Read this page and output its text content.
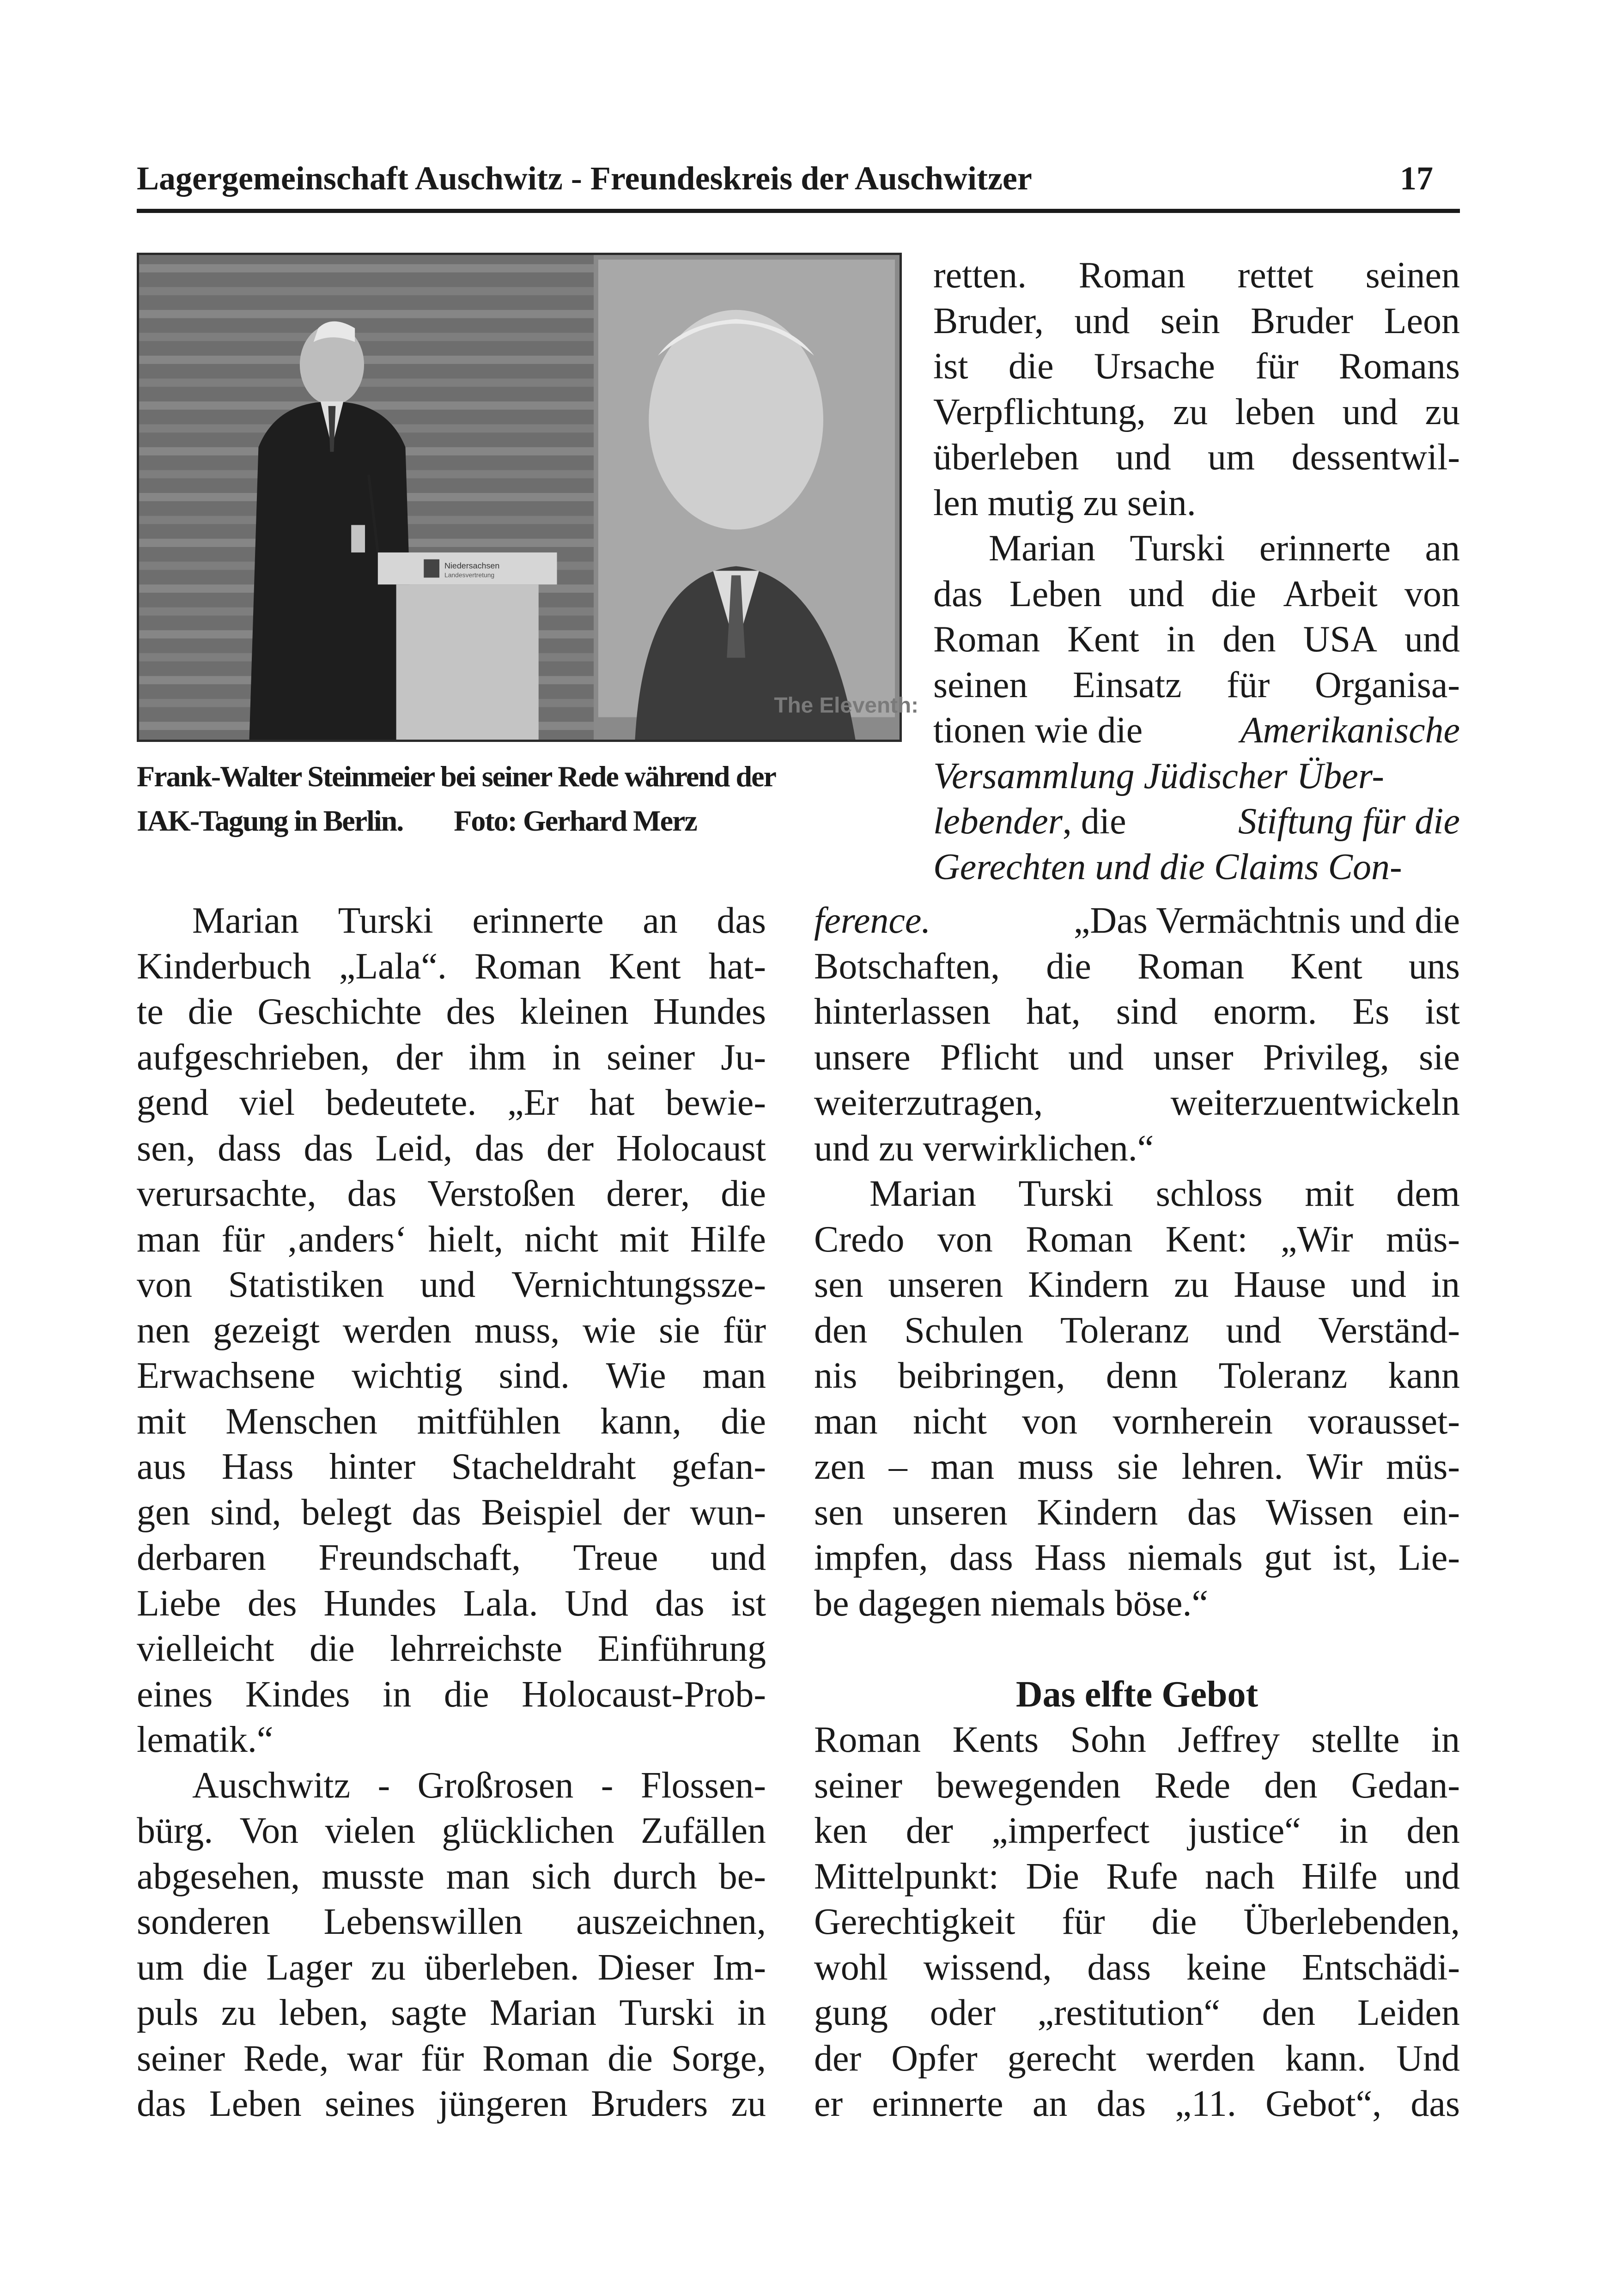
Lagergemeinschaft Auschwitz - Freundeskreis der Auschwitzer	17
Niedersachsen
Landesvertretung
The Eleventh:
Frank-Walter Steinmeier bei seiner Rede während der
IAK-Tagung in Berlin. Foto: Gerhard Merz
retten. Roman rettet seinen
Bruder, und sein Bruder Leon
ist die Ursache für Romans
Verpflichtung, zu leben und zu
überleben und um dessentwil-
len mutig zu sein.
Marian Turski erinnerte an
das Leben und die Arbeit von
Roman Kent in den USA und
seinen Einsatz für Organisa-
tionen wie die	Amerikanische
Versammlung Jüdischer Über-
lebender, die	Stiftung für die
Gerechten und die Claims Con-
Marian Turski erinnerte an das
Kinderbuch „Lala“. Roman Kent hat-
te die Geschichte des kleinen Hundes
aufgeschrieben, der ihm in seiner Ju-
gend viel bedeutete. „Er hat bewie-
sen, dass das Leid, das der Holocaust
verursachte, das Verstoßen derer, die
man für ‚anders‘ hielt, nicht mit Hilfe
von Statistiken und Vernichtungssze-
nen gezeigt werden muss, wie sie für
Erwachsene wichtig sind. Wie man
mit Menschen mitfühlen kann, die
aus Hass hinter Stacheldraht gefan-
gen sind, belegt das Beispiel der wun-
derbaren Freundschaft, Treue und
Liebe des Hundes Lala. Und das ist
vielleicht die lehrreichste Einführung
eines Kindes in die Holocaust-Prob-
lematik.“
Auschwitz - Großrosen - Flossen-
bürg. Von vielen glücklichen Zufällen
abgesehen, musste man sich durch be-
sonderen Lebenswillen auszeichnen,
um die Lager zu überleben. Dieser Im-
puls zu leben, sagte Marian Turski in
seiner Rede, war für Roman die Sorge,
das Leben seines jüngeren Bruders zu
ference.	„Das Vermächtnis und die
Botschaften, die Roman Kent uns
hinterlassen hat, sind enorm. Es ist
unsere Pflicht und unser Privileg, sie
weiterzutragen,	weiterzuentwickeln
und zu verwirklichen.“
Marian Turski schloss mit dem
Credo von Roman Kent: „Wir müs-
sen unseren Kindern zu Hause und in
den Schulen Toleranz und Verständ-
nis beibringen, denn Toleranz kann
man nicht von vornherein vorausset-
zen – man muss sie lehren. Wir müs-
sen unseren Kindern das Wissen ein-
impfen, dass Hass niemals gut ist, Lie-
be dagegen niemals böse.“
Das elfte Gebot
Roman Kents Sohn Jeffrey stellte in
seiner bewegenden Rede den Gedan-
ken der „imperfect justice“ in den
Mittelpunkt: Die Rufe nach Hilfe und
Gerechtigkeit für die Überlebenden,
wohl wissend, dass keine Entschädi-
gung oder „restitution“ den Leiden
der Opfer gerecht werden kann. Und
er erinnerte an das „11. Gebot“, das
